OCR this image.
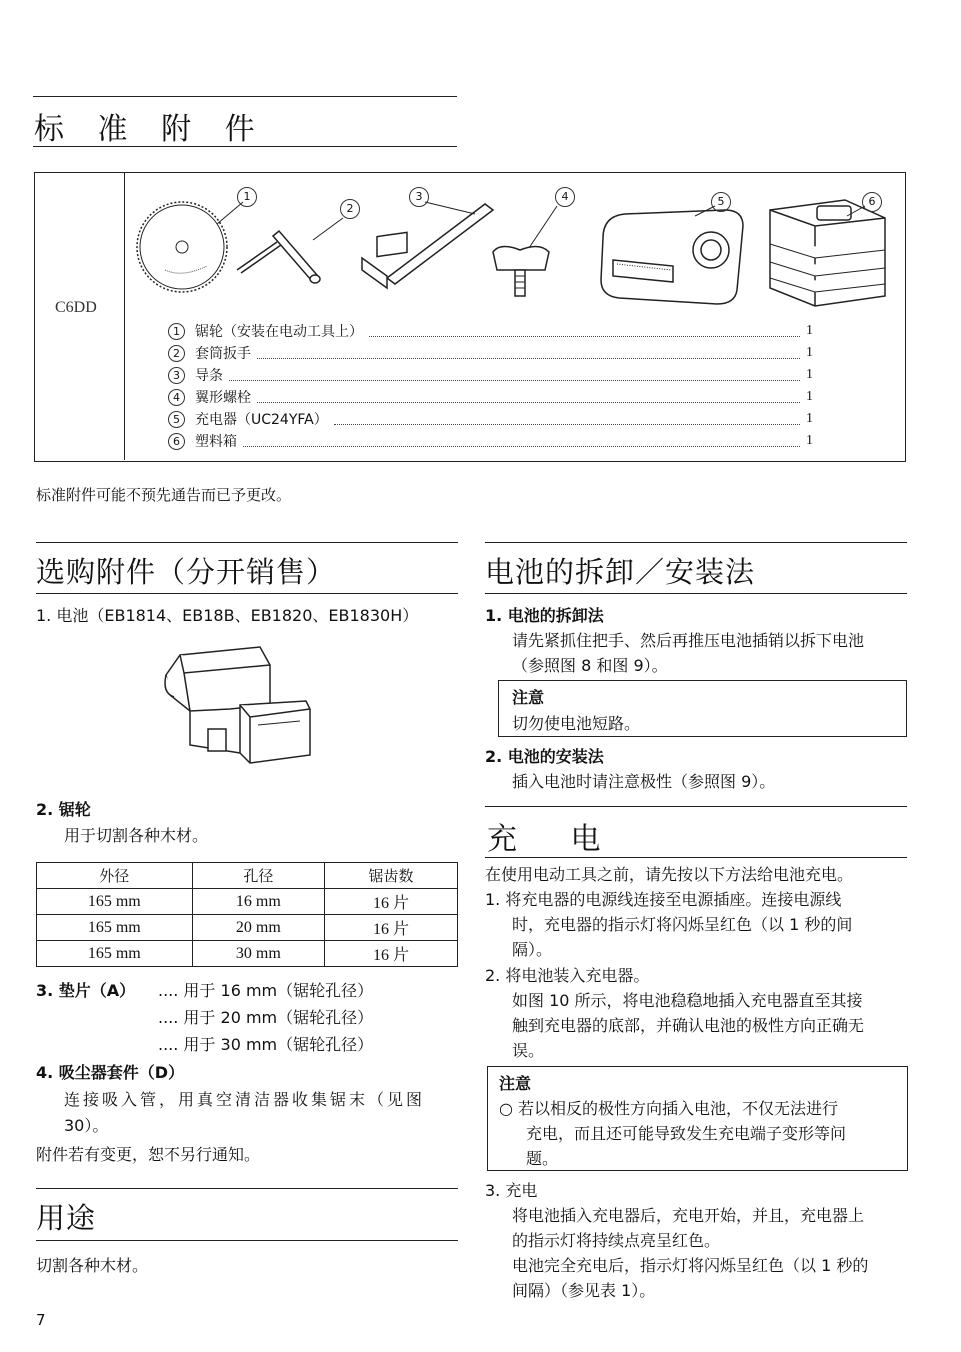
标 准 附 件
C6DD
1
2
3	4	5	6
1	锯轮（安装在电动工具上）	1
2	套筒扳手	1
3	导条	1
4	翼形螺栓	1
5	充电器（UC24YFA）	1
6	塑料箱	1
标准附件可能不预先通告而已予更改。
选购附件（分开销售）
1. 电池（EB1814、EB18B、EB1820、EB1830H）
2. 锯轮
用于切割各种木材。
外径	孔径	锯齿数
165 mm	16 mm	16 片
165 mm	20 mm	16 片
165 mm	30 mm	16 片
3. 垫片（A） .... 用于 16 mm（锯轮孔径）
.... 用于 20 mm（锯轮孔径）
.... 用于 30 mm（锯轮孔径）
4. 吸尘器套件（D）
连接吸入管，用真空清洁器收集锯末（见图
30）。
附件若有变更，恕不另行通知。
用途
切割各种木材。
电池的拆卸／安装法
1. 电池的拆卸法
请先紧抓住把手、然后再推压电池插销以拆下电池
（参照图 8 和图 9）。
注意
切勿使电池短路。
2. 电池的安装法
插入电池时请注意极性（参照图 9）。
充 电
在使用电动工具之前，请先按以下方法给电池充电。
1. 将充电器的电源线连接至电源插座。连接电源线
时，充电器的指示灯将闪烁呈红色（以 1 秒的间
隔）。
2. 将电池装入充电器。
如图 10 所示，将电池稳稳地插入充电器直至其接
触到充电器的底部，并确认电池的极性方向正确无
误。
注意
○ 若以相反的极性方向插入电池，不仅无法进行
充电，而且还可能导致发生充电端子变形等问
题。
3. 充电
将电池插入充电器后，充电开始，并且，充电器上
的指示灯将持续点亮呈红色。
电池完全充电后，指示灯将闪烁呈红色（以 1 秒的
间隔）（参见表 1）。
7
